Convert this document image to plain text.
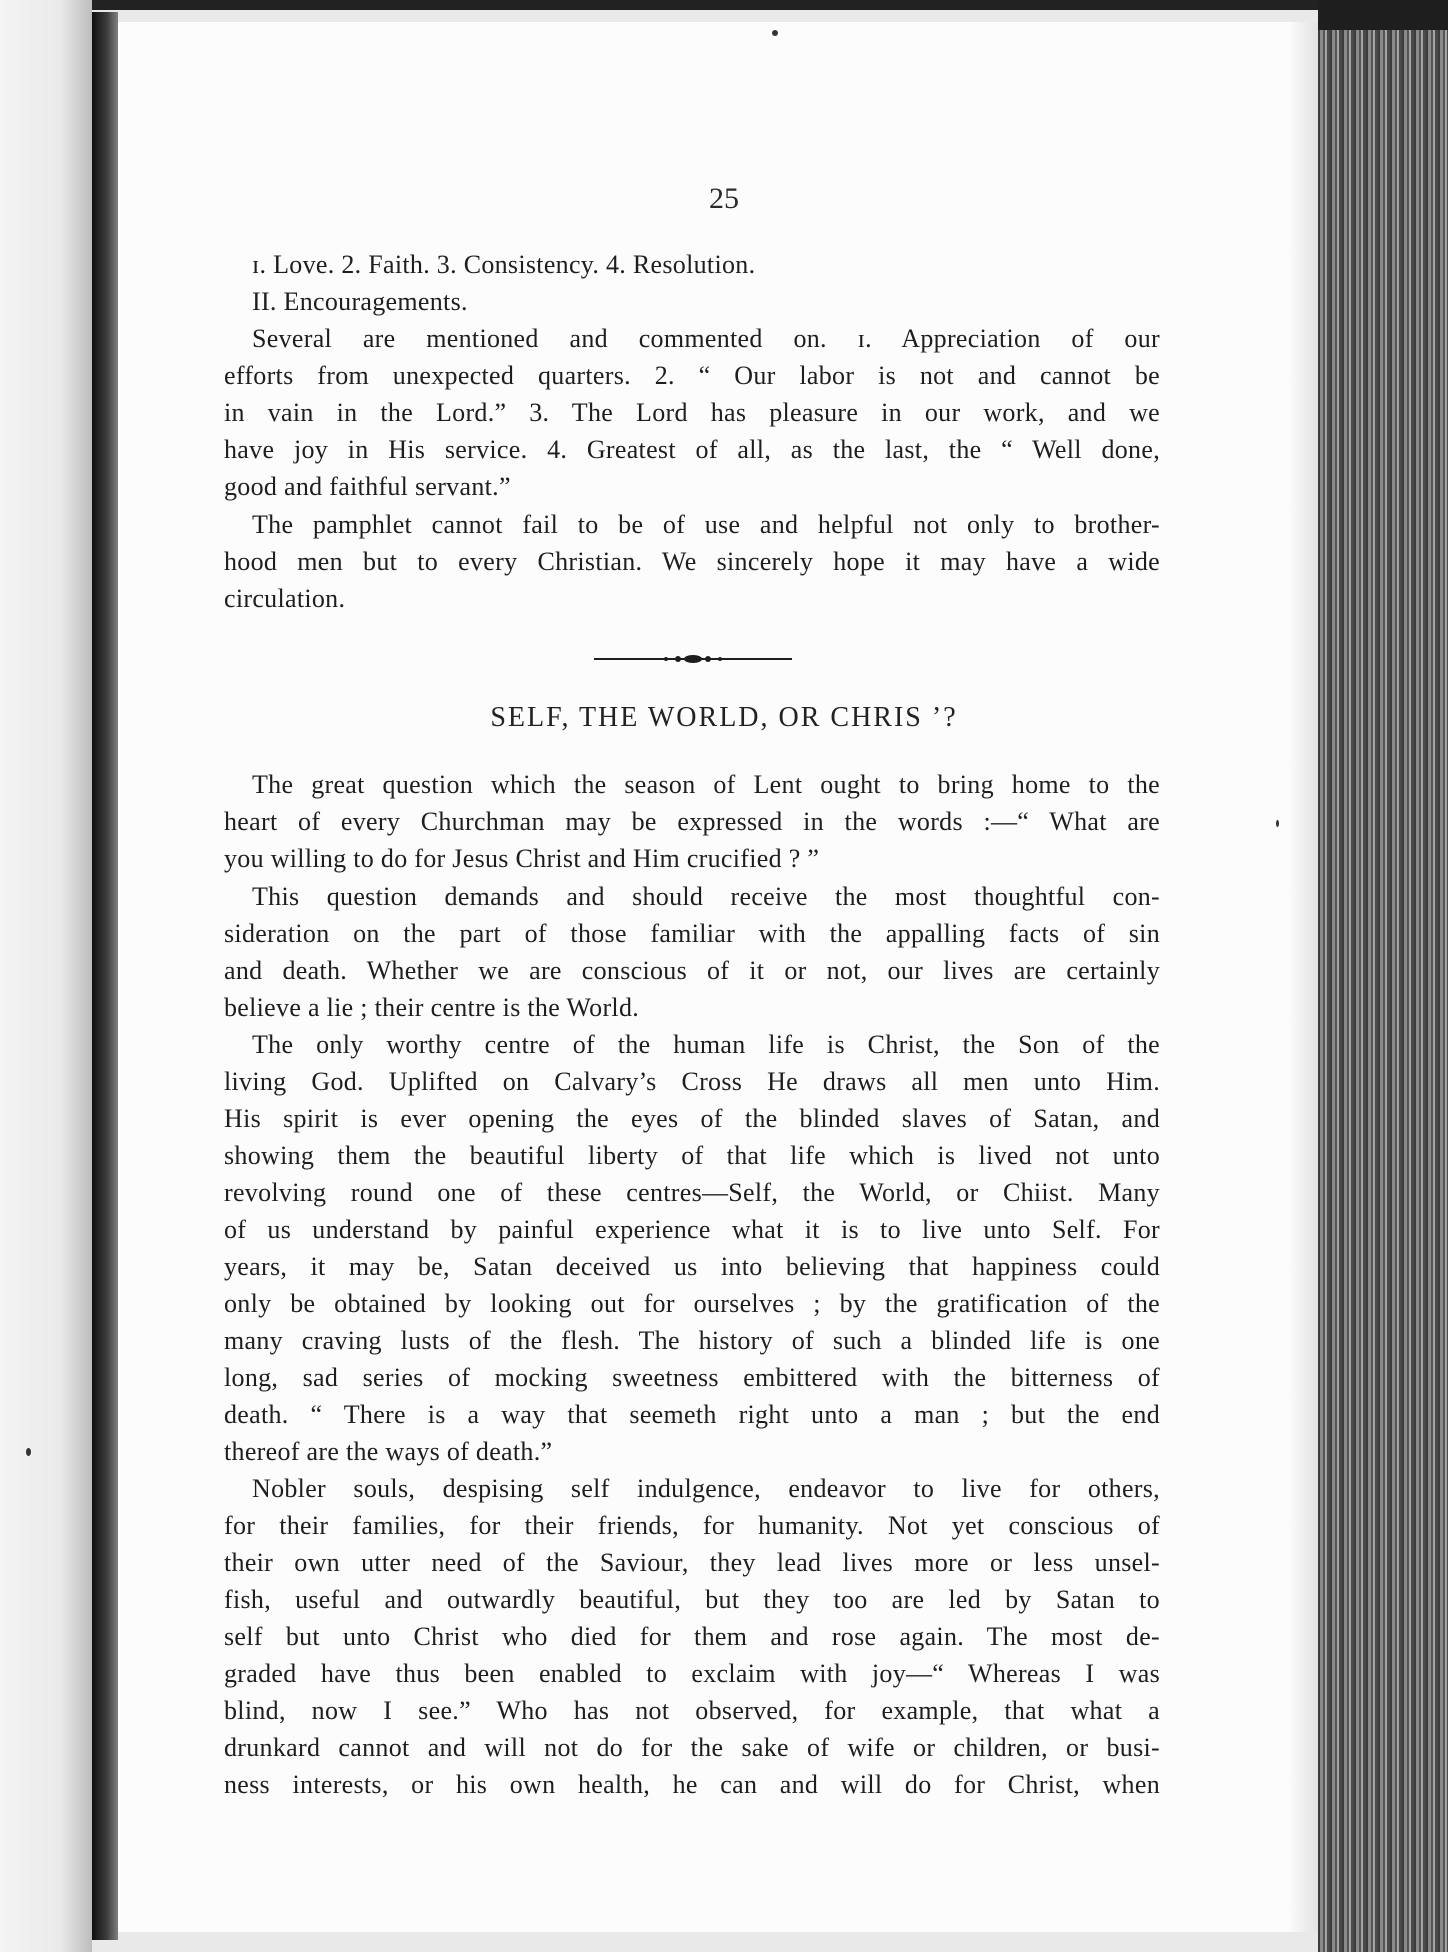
25
ɪ. Love. 2. Faith. 3. Consistency. 4. Resolution.
II. Encouragements.
Several are mentioned and commented on. ɪ. Appreciation of our
efforts from unexpected quarters. 2. “ Our labor is not and cannot be
in vain in the Lord.” 3. The Lord has pleasure in our work, and we
have joy in His service. 4. Greatest of all, as the last, the “ Well done,
good and faithful servant.”
The pamphlet cannot fail to be of use and helpful not only to brother-
hood men but to every Christian. We sincerely hope it may have a wide
circulation.
SELF, THE WORLD, OR CHRIS ’?
The great question which the season of Lent ought to bring home to the
heart of every Churchman may be expressed in the words :—“ What are
you willing to do for Jesus Christ and Him crucified ? ”
This question demands and should receive the most thoughtful con-
sideration on the part of those familiar with the appalling facts of sin
and death. Whether we are conscious of it or not, our lives are certainly
believe a lie ; their centre is the World.
The only worthy centre of the human life is Christ, the Son of the
living God. Uplifted on Calvary’s Cross He draws all men unto Him.
His spirit is ever opening the eyes of the blinded slaves of Satan, and
showing them the beautiful liberty of that life which is lived not unto
revolving round one of these centres—Self, the World, or Chiist. Many
of us understand by painful experience what it is to live unto Self. For
years, it may be, Satan deceived us into believing that happiness could
only be obtained by looking out for ourselves ; by the gratification of the
many craving lusts of the flesh. The history of such a blinded life is one
long, sad series of mocking sweetness embittered with the bitterness of
death. “ There is a way that seemeth right unto a man ; but the end
thereof are the ways of death.”
Nobler souls, despising self indulgence, endeavor to live for others,
for their families, for their friends, for humanity. Not yet conscious of
their own utter need of the Saviour, they lead lives more or less unsel-
fish, useful and outwardly beautiful, but they too are led by Satan to
self but unto Christ who died for them and rose again. The most de-
graded have thus been enabled to exclaim with joy—“ Whereas I was
blind, now I see.” Who has not observed, for example, that what a
drunkard cannot and will not do for the sake of wife or children, or busi-
ness interests, or his own health, he can and will do for Christ, when
